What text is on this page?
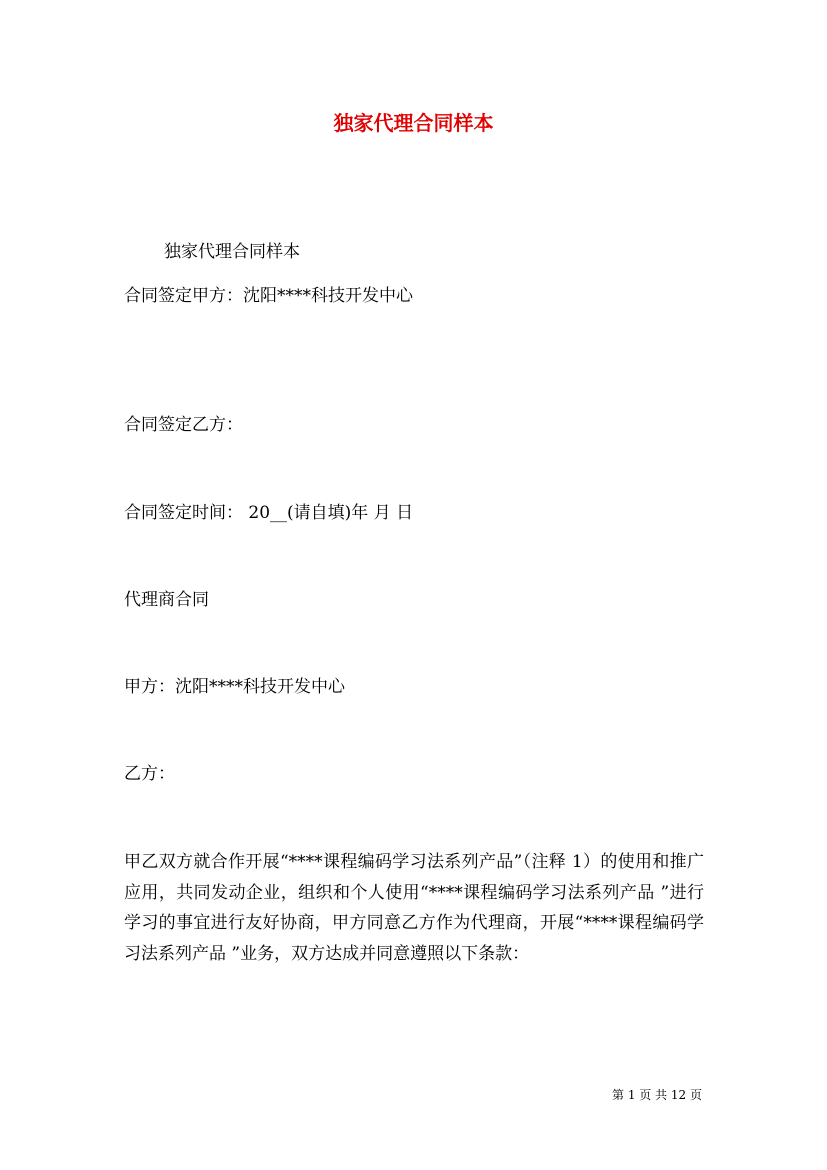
独家代理合同样本
独家代理合同样本
合同签定甲方：沈阳****科技开发中心
合同签定乙方：
合同签定时间： 20__(请自填)年 月 日
代理商合同
甲方：沈阳****科技开发中心
乙方：
甲乙双方就合作开展“****课程编码学习法系列产品”（注释 1）的使用和推广应用，共同发动企业，组织和个人使用“****课程编码学习法系列产品 ”进行学习的事宜进行友好协商，甲方同意乙方作为代理商，开展“****课程编码学习法系列产品 ”业务，双方达成并同意遵照以下条款：
第 1 页 共 12 页
